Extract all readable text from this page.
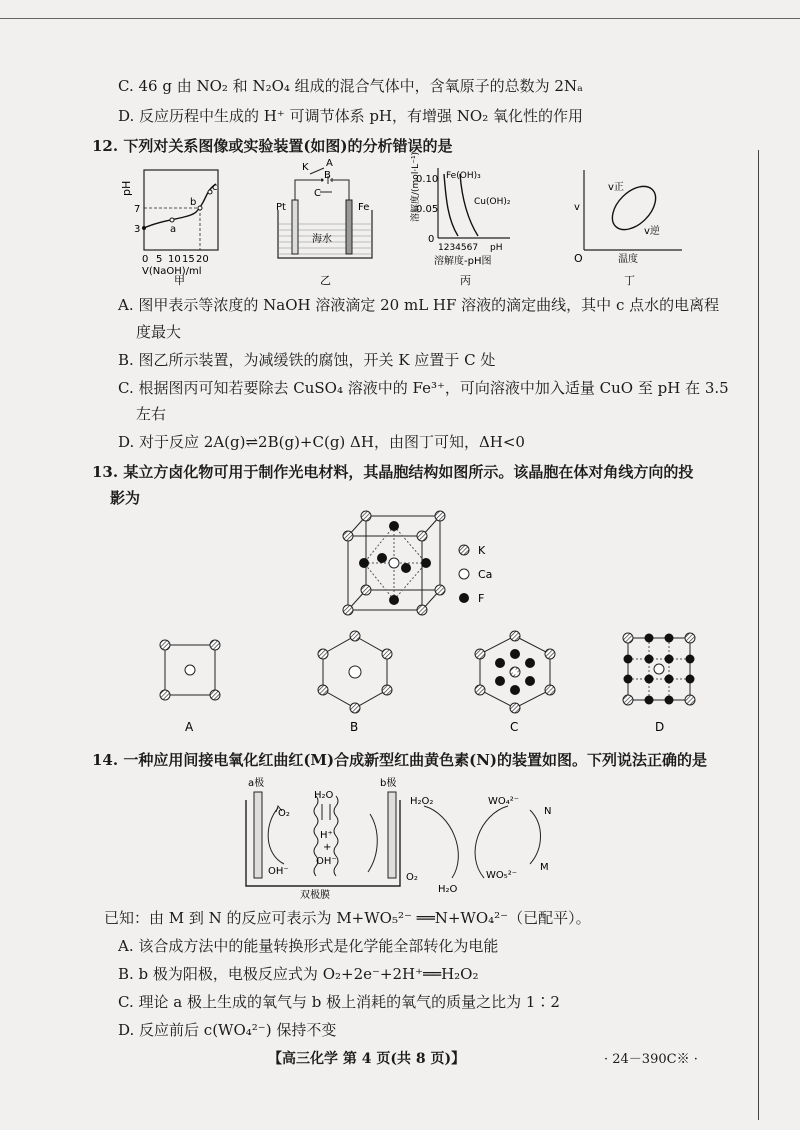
C. 46 g 由 NO₂ 和 N₂O₄ 组成的混合气体中，含氧原子的总数为 2Nₐ
D. 反应历程中生成的 H⁺ 可调节体系 pH，有增强 NO₂ 氧化性的作用
12. 下列对关系图像或实验装置(如图)的分析错误的是
pH
7
3	a
b
c
0 5 10 15 20
V(NaOH)/ml
甲
K A
B
C
Pt	Fe
海水
乙
溶解度/(mol·L⁻¹)
0.10
0.05
0
Fe(OH)₃
Cu(OH)₂
1234567 pH
溶解度-pH图
丙
v
v正
v逆
O	温度
丁
A. 图甲表示等浓度的 NaOH 溶液滴定 20 mL HF 溶液的滴定曲线，其中 c 点水的电离程
度最大
B. 图乙所示装置，为减缓铁的腐蚀，开关 K 应置于 C 处
C. 根据图丙可知若要除去 CuSO₄ 溶液中的 Fe³⁺，可向溶液中加入适量 CuO 至 pH 在 3.5
左右
D. 对于反应 2A(g)⇌2B(g)+C(g) ΔH，由图丁可知，ΔH<0
13. 某立方卤化物可用于制作光电材料，其晶胞结构如图所示。该晶胞在体对角线方向的投
影为
K
Ca
F
A	B	C	D
14. 一种应用间接电氧化红曲红(M)合成新型红曲黄色素(N)的装置如图。下列说法正确的是
a极	b极
O₂
OH⁻
H₂O
H⁺
+
OH⁻
双极膜
H₂O₂
O₂
H₂O
WO₄²⁻
WO₅²⁻
N
M
已知：由 M 到 N 的反应可表示为 M+WO₅²⁻ ══N+WO₄²⁻（已配平）。
A. 该合成方法中的能量转换形式是化学能全部转化为电能
B. b 极为阳极，电极反应式为 O₂+2e⁻+2H⁺══H₂O₂
C. 理论 a 极上生成的氧气与 b 极上消耗的氧气的质量之比为 1∶2
D. 反应前后 c(WO₄²⁻) 保持不变
【高三化学 第 4 页(共 8 页)】	· 24－390C※ ·
